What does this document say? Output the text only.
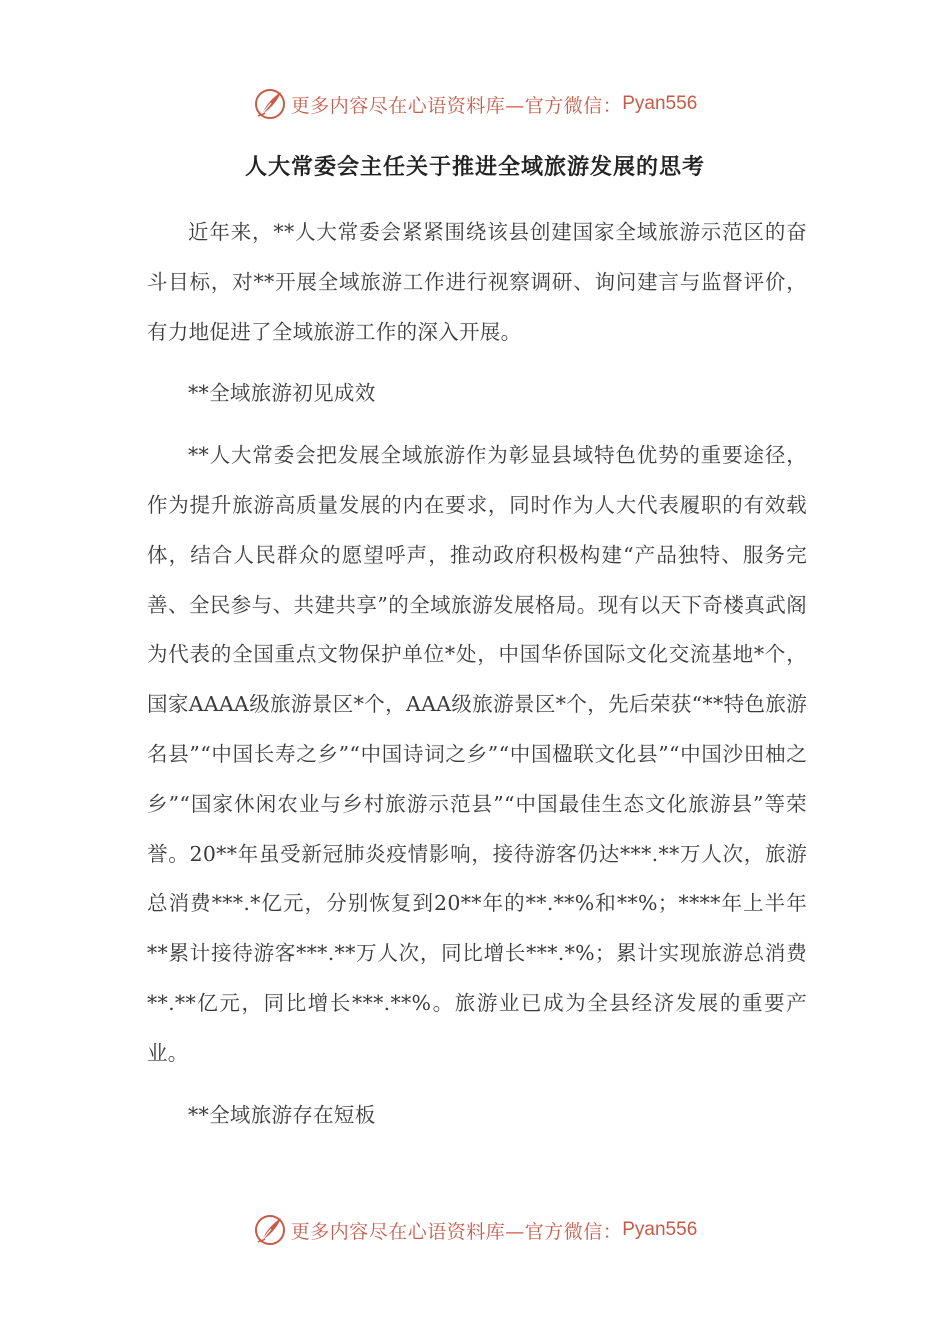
更多内容尽在心语资料库—官方微信： Pyan556
人大常委会主任关于推进全域旅游发展的思考

近年来，**人大常委会紧紧围绕该县创建国家全域旅游示范区的奋斗目标，对**开展全域旅游工作进行视察调研、询问建言与监督评价，有力地促进了全域旅游工作的深入开展。

**全域旅游初见成效

**人大常委会把发展全域旅游作为彰显县域特色优势的重要途径，作为提升旅游高质量发展的内在要求，同时作为人大代表履职的有效载体，结合人民群众的愿望呼声，推动政府积极构建“产品独特、服务完善、全民参与、共建共享”的全域旅游发展格局。现有以天下奇楼真武阁为代表的全国重点文物保护单位*处，中国华侨国际文化交流基地*个，国家AAAA级旅游景区*个，AAA级旅游景区*个，先后荣获“**特色旅游名县”“中国长寿之乡”“中国诗词之乡”“中国楹联文化县”“中国沙田柚之乡”“国家休闲农业与乡村旅游示范县”“中国最佳生态文化旅游县”等荣誉。20**年虽受新冠肺炎疫情影响，接待游客仍达***.**万人次，旅游总消费***.*亿元，分别恢复到20**年的**.**%和**%；****年上半年**累计接待游客***.**万人次，同比增长***.*%；累计实现旅游总消费**.**亿元，同比增长***.**%。旅游业已成为全县经济发展的重要产业。

**全域旅游存在短板

更多内容尽在心语资料库—官方微信： Pyan556
